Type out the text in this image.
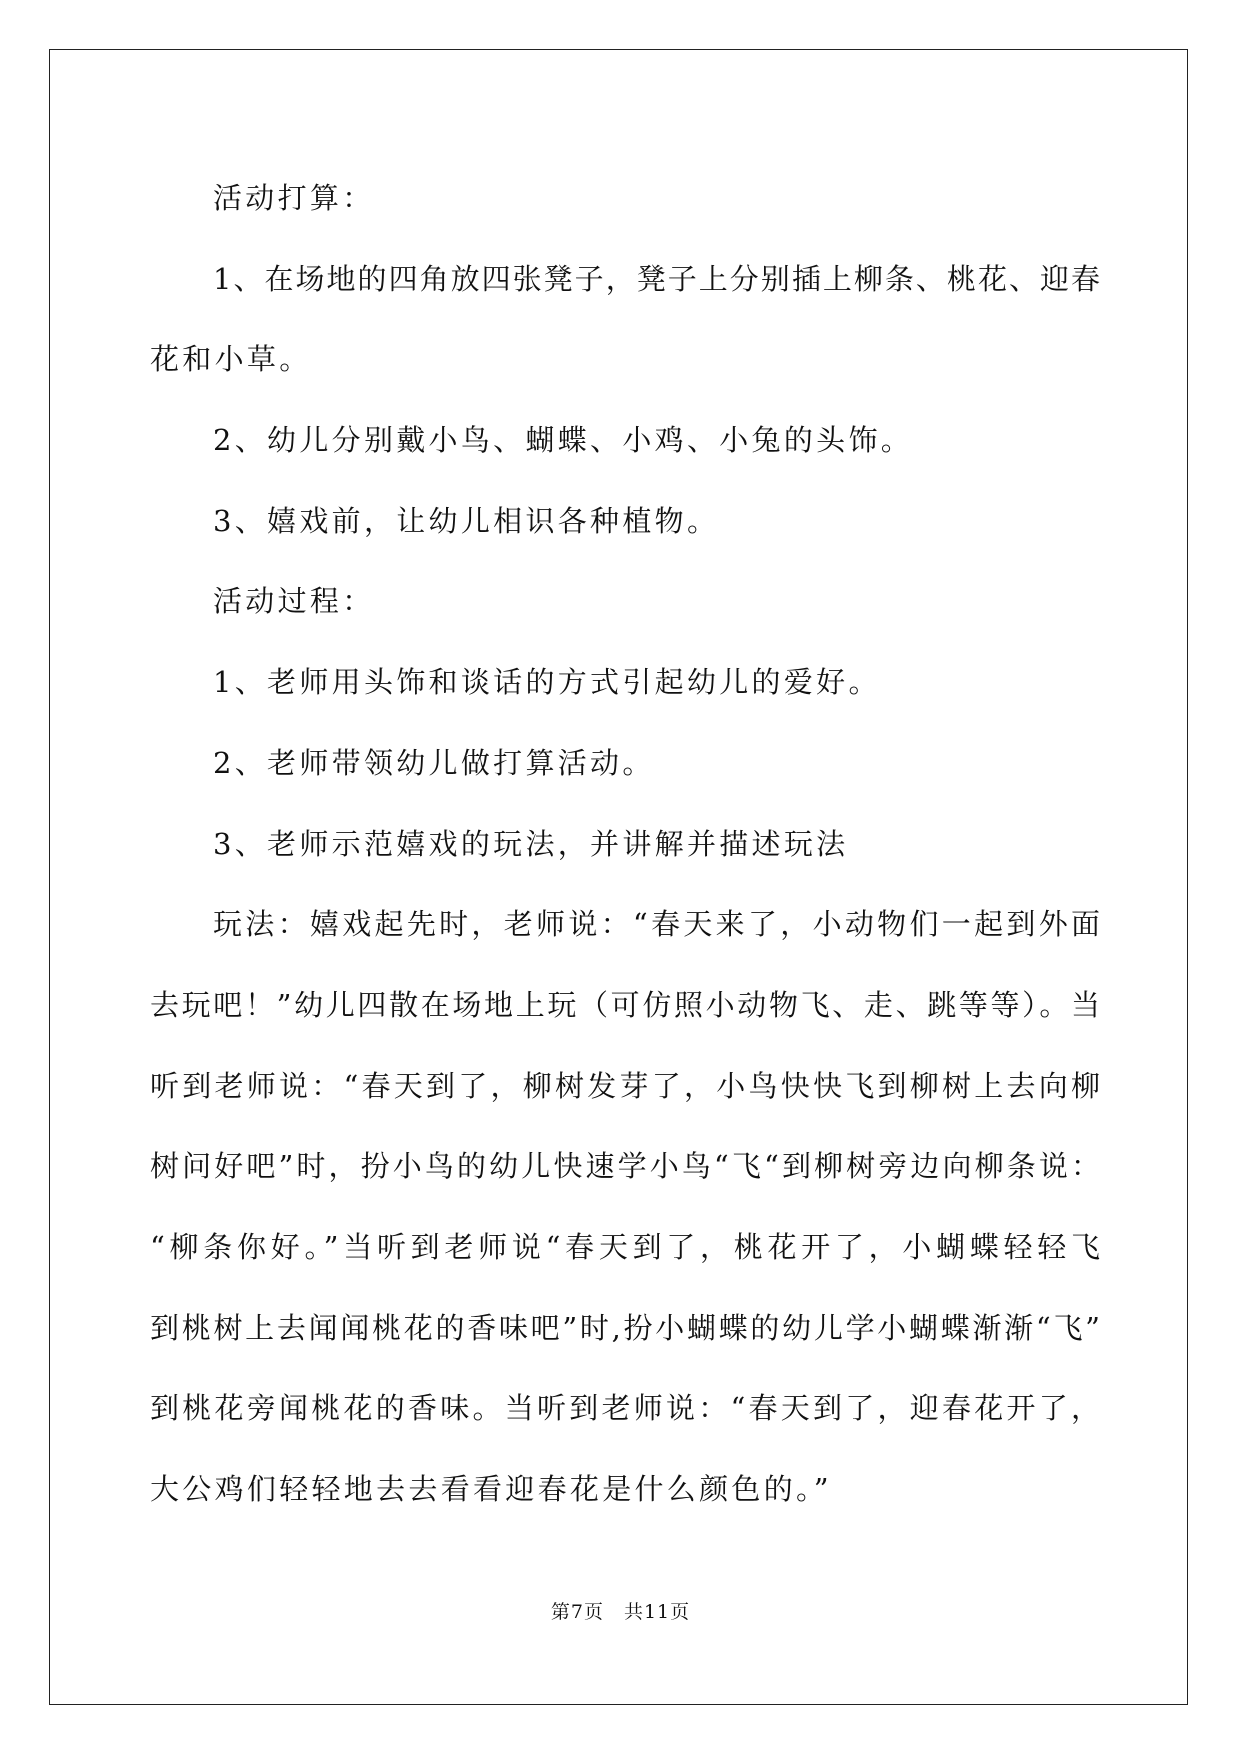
活动打算：
1、在场地的四角放四张凳子，凳子上分别插上柳条、桃花、迎春
花和小草。
2、幼儿分别戴小鸟、蝴蝶、小鸡、小兔的头饰。
3、嬉戏前，让幼儿相识各种植物。
活动过程：
1、老师用头饰和谈话的方式引起幼儿的爱好。
2、老师带领幼儿做打算活动。
3、老师示范嬉戏的玩法，并讲解并描述玩法
玩法：嬉戏起先时，老师说：“春天来了，小动物们一起到外面
去玩吧！”幼儿四散在场地上玩（可仿照小动物飞、走、跳等等）。当
听到老师说：“春天到了，柳树发芽了，小鸟快快飞到柳树上去向柳
树问好吧”时，扮小鸟的幼儿快速学小鸟“飞“到柳树旁边向柳条说：
“柳条你好。”当听到老师说“春天到了，桃花开了，小蝴蝶轻轻飞
到桃树上去闻闻桃花的香味吧”时,扮小蝴蝶的幼儿学小蝴蝶渐渐“飞”
到桃花旁闻桃花的香味。当听到老师说：“春天到了，迎春花开了，
大公鸡们轻轻地去去看看迎春花是什么颜色的。”
第7页 共11页
